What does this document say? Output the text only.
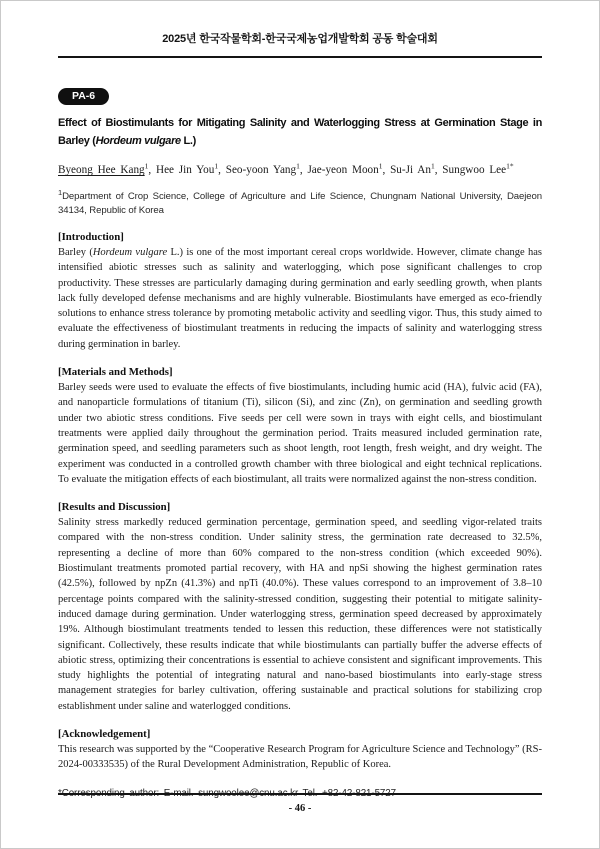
2025년 한국작물학회-한국국제농업개발학회 공동 학술대회
PA-6
Effect of Biostimulants for Mitigating Salinity and Waterlogging Stress at Germination Stage in Barley (Hordeum vulgare L.)
Byeong Hee Kang$^1$, Hee Jin You$^1$, Seo-yoon Yang$^1$, Jae-yeon Moon$^1$, Su-Ji An$^1$, Sungwoo Lee$^{1*}$
$^1$Department of Crop Science, College of Agriculture and Life Science, Chungnam National University, Daejeon 34134, Republic of Korea
[Introduction]
Barley (Hordeum vulgare L.) is one of the most important cereal crops worldwide. However, climate change has intensified abiotic stresses such as salinity and waterlogging, which pose significant challenges to crop productivity. These stresses are particularly damaging during germination and early seedling growth, when plants lack fully developed defense mechanisms and are highly vulnerable. Biostimulants have emerged as eco-friendly solutions to enhance stress tolerance by promoting metabolic activity and seedling vigor. Thus, this study aimed to evaluate the effectiveness of biostimulant treatments in reducing the impacts of salinity and waterlogging stress during germination in barley.
[Materials and Methods]
Barley seeds were used to evaluate the effects of five biostimulants, including humic acid (HA), fulvic acid (FA), and nanoparticle formulations of titanium (Ti), silicon (Si), and zinc (Zn), on germination and seedling growth under two abiotic stress conditions. Five seeds per cell were sown in trays with eight cells, and biostimulant treatments were applied daily throughout the germination period. Traits measured included germination rate, germination speed, and seedling parameters such as shoot length, root length, fresh weight, and dry weight. The experiment was conducted in a controlled growth chamber with three biological and eight technical replications. To evaluate the mitigation effects of each biostimulant, all traits were normalized against the non-stress condition.
[Results and Discussion]
Salinity stress markedly reduced germination percentage, germination speed, and seedling vigor-related traits compared with the non-stress condition. Under salinity stress, the germination rate decreased to 32.5%, representing a decline of more than 60% compared to the non-stress condition (which exceeded 90%). Biostimulant treatments promoted partial recovery, with HA and npSi showing the highest germination rates (42.5%), followed by npZn (41.3%) and npTi (40.0%). These values correspond to an improvement of 3.8–10 percentage points compared with the salinity-stressed condition, suggesting their potential to mitigate salinity-induced damage during germination. Under waterlogging stress, germination speed decreased by approximately 19%. Although biostimulant treatments tended to lessen this reduction, these differences were not statistically significant. Collectively, these results indicate that while biostimulants can partially buffer the adverse effects of abiotic stress, optimizing their concentrations is essential to achieve consistent and significant improvements. This study highlights the potential of integrating natural and nano-based biostimulants into early-stage stress management strategies for barley cultivation, offering sustainable and practical solutions for stabilizing crop establishment under saline and waterlogged conditions.
[Acknowledgement]
This research was supported by the “Cooperative Research Program for Agriculture Science and Technology” (RS-2024-00333535) of the Rural Development Administration, Republic of Korea.
*Corresponding author: E-mail. sungwoolee@cnu.ac.kr Tel. +82-42-821-5727
- 46 -
